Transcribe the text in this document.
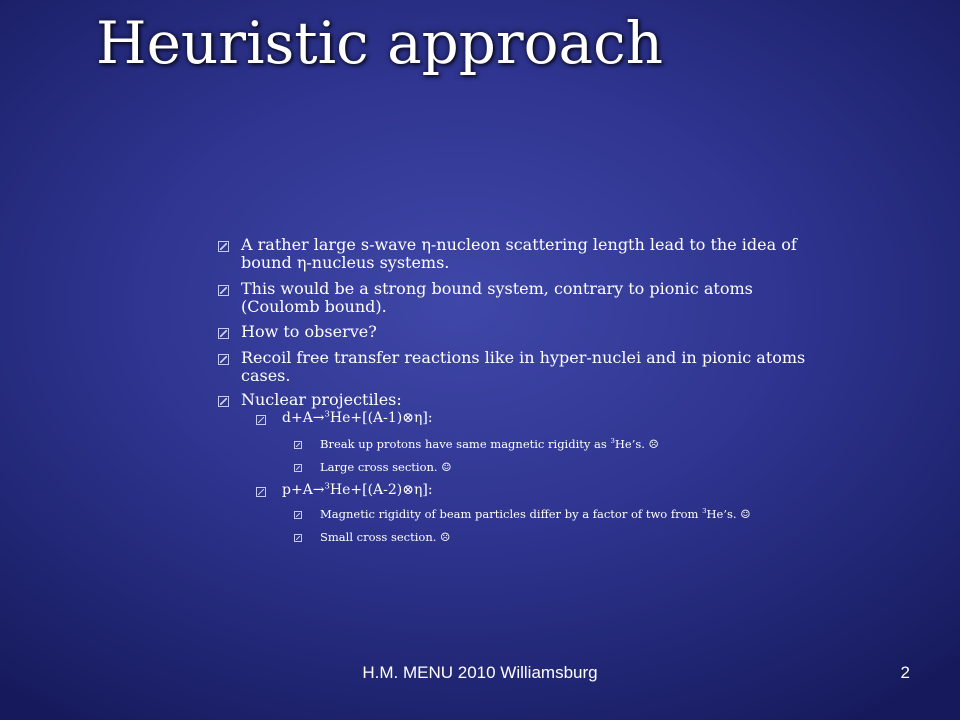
Heuristic approach
A rather large s-wave η-nucleon scattering length lead to the idea of bound η-nucleus systems.
This would be a strong bound system, contrary to pionic atoms (Coulomb bound).
How to observe?
Recoil free transfer reactions like in hyper-nuclei and in pionic atoms cases.
Nuclear projectiles:
d+A→$^3$He+[(A-1)⊗η]:
Break up protons have same magnetic rigidity as $^3$He’s. ☹
Large cross section. ☺
p+A→$^3$He+[(A-2)⊗η]:
Magnetic rigidity of beam particles differ by a factor of two from $^3$He’s. ☺
Small cross section. ☹
H.M. MENU 2010 Williamsburg	2
